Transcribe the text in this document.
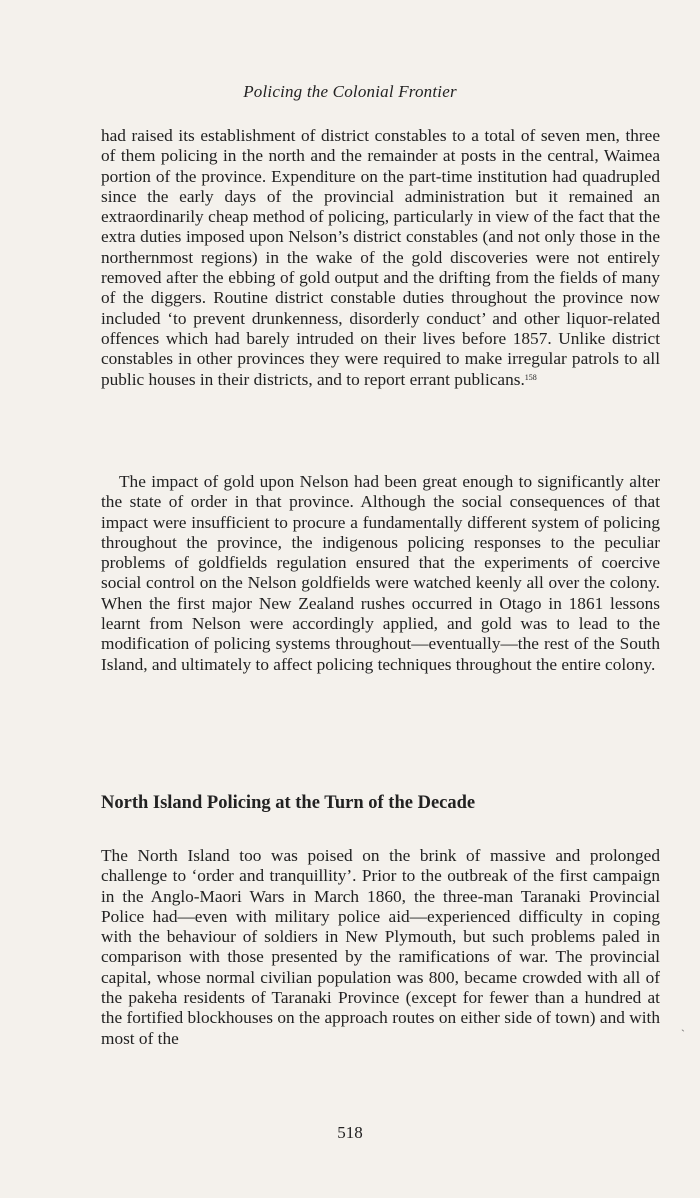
Policing the Colonial Frontier

had raised its establishment of district constables to a total of seven men, three of them policing in the north and the remainder at posts in the central, Waimea portion of the province. Expenditure on the part-time institution had quadrupled since the early days of the provincial administration but it remained an extraordinarily cheap method of policing, particularly in view of the fact that the extra duties imposed upon Nelson’s district constables (and not only those in the northernmost regions) in the wake of the gold discoveries were not entirely removed after the ebbing of gold output and the drifting from the fields of many of the diggers. Routine district constable duties throughout the province now included ‘to prevent drunkenness, disorderly conduct’ and other liquor-related offences which had barely intruded on their lives before 1857. Unlike district constables in other provinces they were required to make irregular patrols to all public houses in their districts, and to report errant publicans.$^{158}$

The impact of gold upon Nelson had been great enough to significantly alter the state of order in that province. Although the social consequences of that impact were insufficient to procure a fundamentally different system of policing throughout the province, the indigenous policing responses to the peculiar problems of goldfields regulation ensured that the experiments of coercive social control on the Nelson goldfields were watched keenly all over the colony. When the first major New Zealand rushes occurred in Otago in 1861 lessons learnt from Nelson were accordingly applied, and gold was to lead to the modification of policing systems throughout—eventually—the rest of the South Island, and ultimately to affect policing techniques throughout the entire colony.

North Island Policing at the Turn of the Decade

The North Island too was poised on the brink of massive and prolonged challenge to ‘order and tranquillity’. Prior to the outbreak of the first campaign in the Anglo-Maori Wars in March 1860, the three-man Taranaki Provincial Police had—even with military police aid—experienced difficulty in coping with the behaviour of soldiers in New Plymouth, but such problems paled in comparison with those presented by the ramifications of war. The provincial capital, whose normal civilian population was 800, became crowded with all of the pakeha residents of Taranaki Province (except for fewer than a hundred at the fortified blockhouses on the approach routes on either side of town) and with most of the	`
518
